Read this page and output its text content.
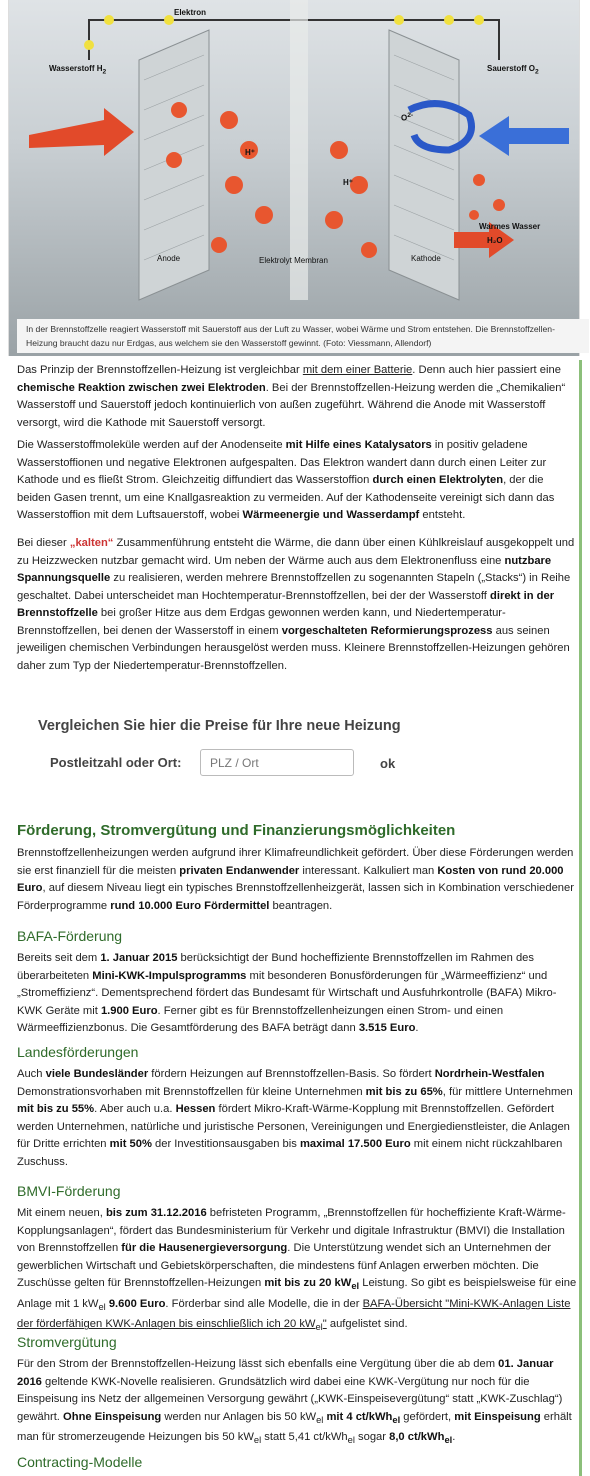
Elektron
Wasserstoff $H_2$	Sauerstoff $O_2$
$O^{2-}$
H⁺
H⁺
Warmes Wasser
H₂O
Anode	Elektrolyt Membran	Kathode
In der Brennstoffzelle reagiert Wasserstoff mit Sauerstoff aus der Luft zu Wasser, wobei Wärme und Strom entstehen. Die Brennstoffzellen-Heizung braucht dazu nur Erdgas, aus welchem sie den Wasserstoff gewinnt. (Foto: Viessmann, Allendorf)
Das Prinzip der Brennstoffzellen-Heizung ist vergleichbar mit dem einer Batterie. Denn auch hier passiert eine chemische Reaktion zwischen zwei Elektroden. Bei der Brennstoffzellen-Heizung werden die „Chemikalien“ Wasserstoff und Sauerstoff jedoch kontinuierlich von außen zugeführt. Während die Anode mit Wasserstoff versorgt, wird die Kathode mit Sauerstoff versorgt.
Die Wasserstoffmoleküle werden auf der Anodenseite mit Hilfe eines Katalysators in positiv geladene Wasserstoffionen und negative Elektronen aufgespalten. Das Elektron wandert dann durch einen Leiter zur Kathode und es fließt Strom. Gleichzeitig diffundiert das Wasserstoffion durch einen Elektrolyten, der die beiden Gasen trennt, um eine Knallgasreaktion zu vermeiden. Auf der Kathodenseite vereinigt sich dann das Wasserstoffion mit dem Luftsauerstoff, wobei Wärmeenergie und Wasserdampf entsteht.
Bei dieser „kalten“ Zusammenführung entsteht die Wärme, die dann über einen Kühlkreislauf ausgekoppelt und zu Heizzwecken nutzbar gemacht wird. Um neben der Wärme auch aus dem Elektronenfluss eine nutzbare Spannungsquelle zu realisieren, werden mehrere Brennstoffzellen zu sogenannten Stapeln („Stacks“) in Reihe geschaltet. Dabei unterscheidet man Hochtemperatur-Brennstoffzellen, bei der der Wasserstoff direkt in der Brennstoffzelle bei großer Hitze aus dem Erdgas gewonnen werden kann, und Niedertemperatur-Brennstoffzellen, bei denen der Wasserstoff in einem vorgeschalteten Reformierungsprozess aus seinen jeweiligen chemischen Verbindungen herausgelöst werden muss. Kleinere Brennstoffzellen-Heizungen gehören daher zum Typ der Niedertemperatur-Brennstoffzellen.
Vergleichen Sie hier die Preise für Ihre neue Heizung
Postleitzahl oder Ort:
PLZ / Ort	ok
Förderung, Stromvergütung und Finanzierungsmöglichkeiten
Brennstoffzellenheizungen werden aufgrund ihrer Klimafreundlichkeit gefördert. Über diese Förderungen werden sie erst finanziell für die meisten privaten Endanwender interessant. Kalkuliert man Kosten von rund 20.000 Euro, auf diesem Niveau liegt ein typisches Brennstoffzellenheizgerät, lassen sich in Kombination verschiedener Förderprogramme rund 10.000 Euro Fördermittel beantragen.
BAFA-Förderung
Bereits seit dem 1. Januar 2015 berücksichtigt der Bund hocheffiziente Brennstoffzellen im Rahmen des überarbeiteten Mini-KWK-Impulsprogramms mit besonderen Bonusförderungen für „Wärmeeffizienz“ und „Stromeffizienz“. Dementsprechend fördert das Bundesamt für Wirtschaft und Ausfuhrkontrolle (BAFA) Mikro-KWK Geräte mit 1.900 Euro. Ferner gibt es für Brennstoffzellenheizungen einen Strom- und einen Wärmeeffizienzbonus. Die Gesamtförderung des BAFA beträgt dann 3.515 Euro.
Landesförderungen
Auch viele Bundesländer fördern Heizungen auf Brennstoffzellen-Basis. So fördert Nordrhein-Westfalen Demonstrationsvorhaben mit Brennstoffzellen für kleine Unternehmen mit bis zu 65%, für mittlere Unternehmen mit bis zu 55%. Aber auch u.a. Hessen fördert Mikro-Kraft-Wärme-Kopplung mit Brennstoffzellen. Gefördert werden Unternehmen, natürliche und juristische Personen, Vereinigungen und Energiedienstleister, die Anlagen für Dritte errichten mit 50% der Investitionsausgaben bis maximal 17.500 Euro mit einem nicht rückzahlbaren Zuschuss.
BMVI-Förderung
Mit einem neuen, bis zum 31.12.2016 befristeten Programm, „Brennstoffzellen für hocheffiziente Kraft-Wärme-Kopplungsanlagen“, fördert das Bundesministerium für Verkehr und digitale Infrastruktur (BMVI) die Installation von Brennstoffzellen für die Hausenergieversorgung. Die Unterstützung wendet sich an Unternehmen der gewerblichen Wirtschaft und Gebietskörperschaften, die mindestens fünf Anlagen erwerben möchten. Die Zuschüsse gelten für Brennstoffzellen-Heizungen mit bis zu 20 $kW_{el}$ Leistung. So gibt es beispielsweise für eine Anlage mit 1 $kW_{el}$ 9.600 Euro. Förderbar sind alle Modelle, die in der BAFA-Übersicht "Mini-KWK-Anlagen Liste der förderfähigen KWK-Anlagen bis einschließlich ich 20 $kW_{el}$" aufgelistet sind.
Stromvergütung
Für den Strom der Brennstoffzellen-Heizung lässt sich ebenfalls eine Vergütung über die ab dem 01. Januar 2016 geltende KWK-Novelle realisieren. Grundsätzlich wird dabei eine KWK-Vergütung nur noch für die Einspeisung ins Netz der allgemeinen Versorgung gewährt („KWK-Einspeisevergütung“ statt „KWK-Zuschlag“) gewährt. Ohne Einspeisung werden nur Anlagen bis 50 $kW_{el}$ mit 4 ct/kWh$_{el}$ gefördert, mit Einspeisung erhält man für stromerzeugende Heizungen bis 50 $kW_{el}$ statt 5,41 ct/kWh$_{el}$ sogar 8,0 ct/kWh$_{el}$.
Contracting-Modelle
